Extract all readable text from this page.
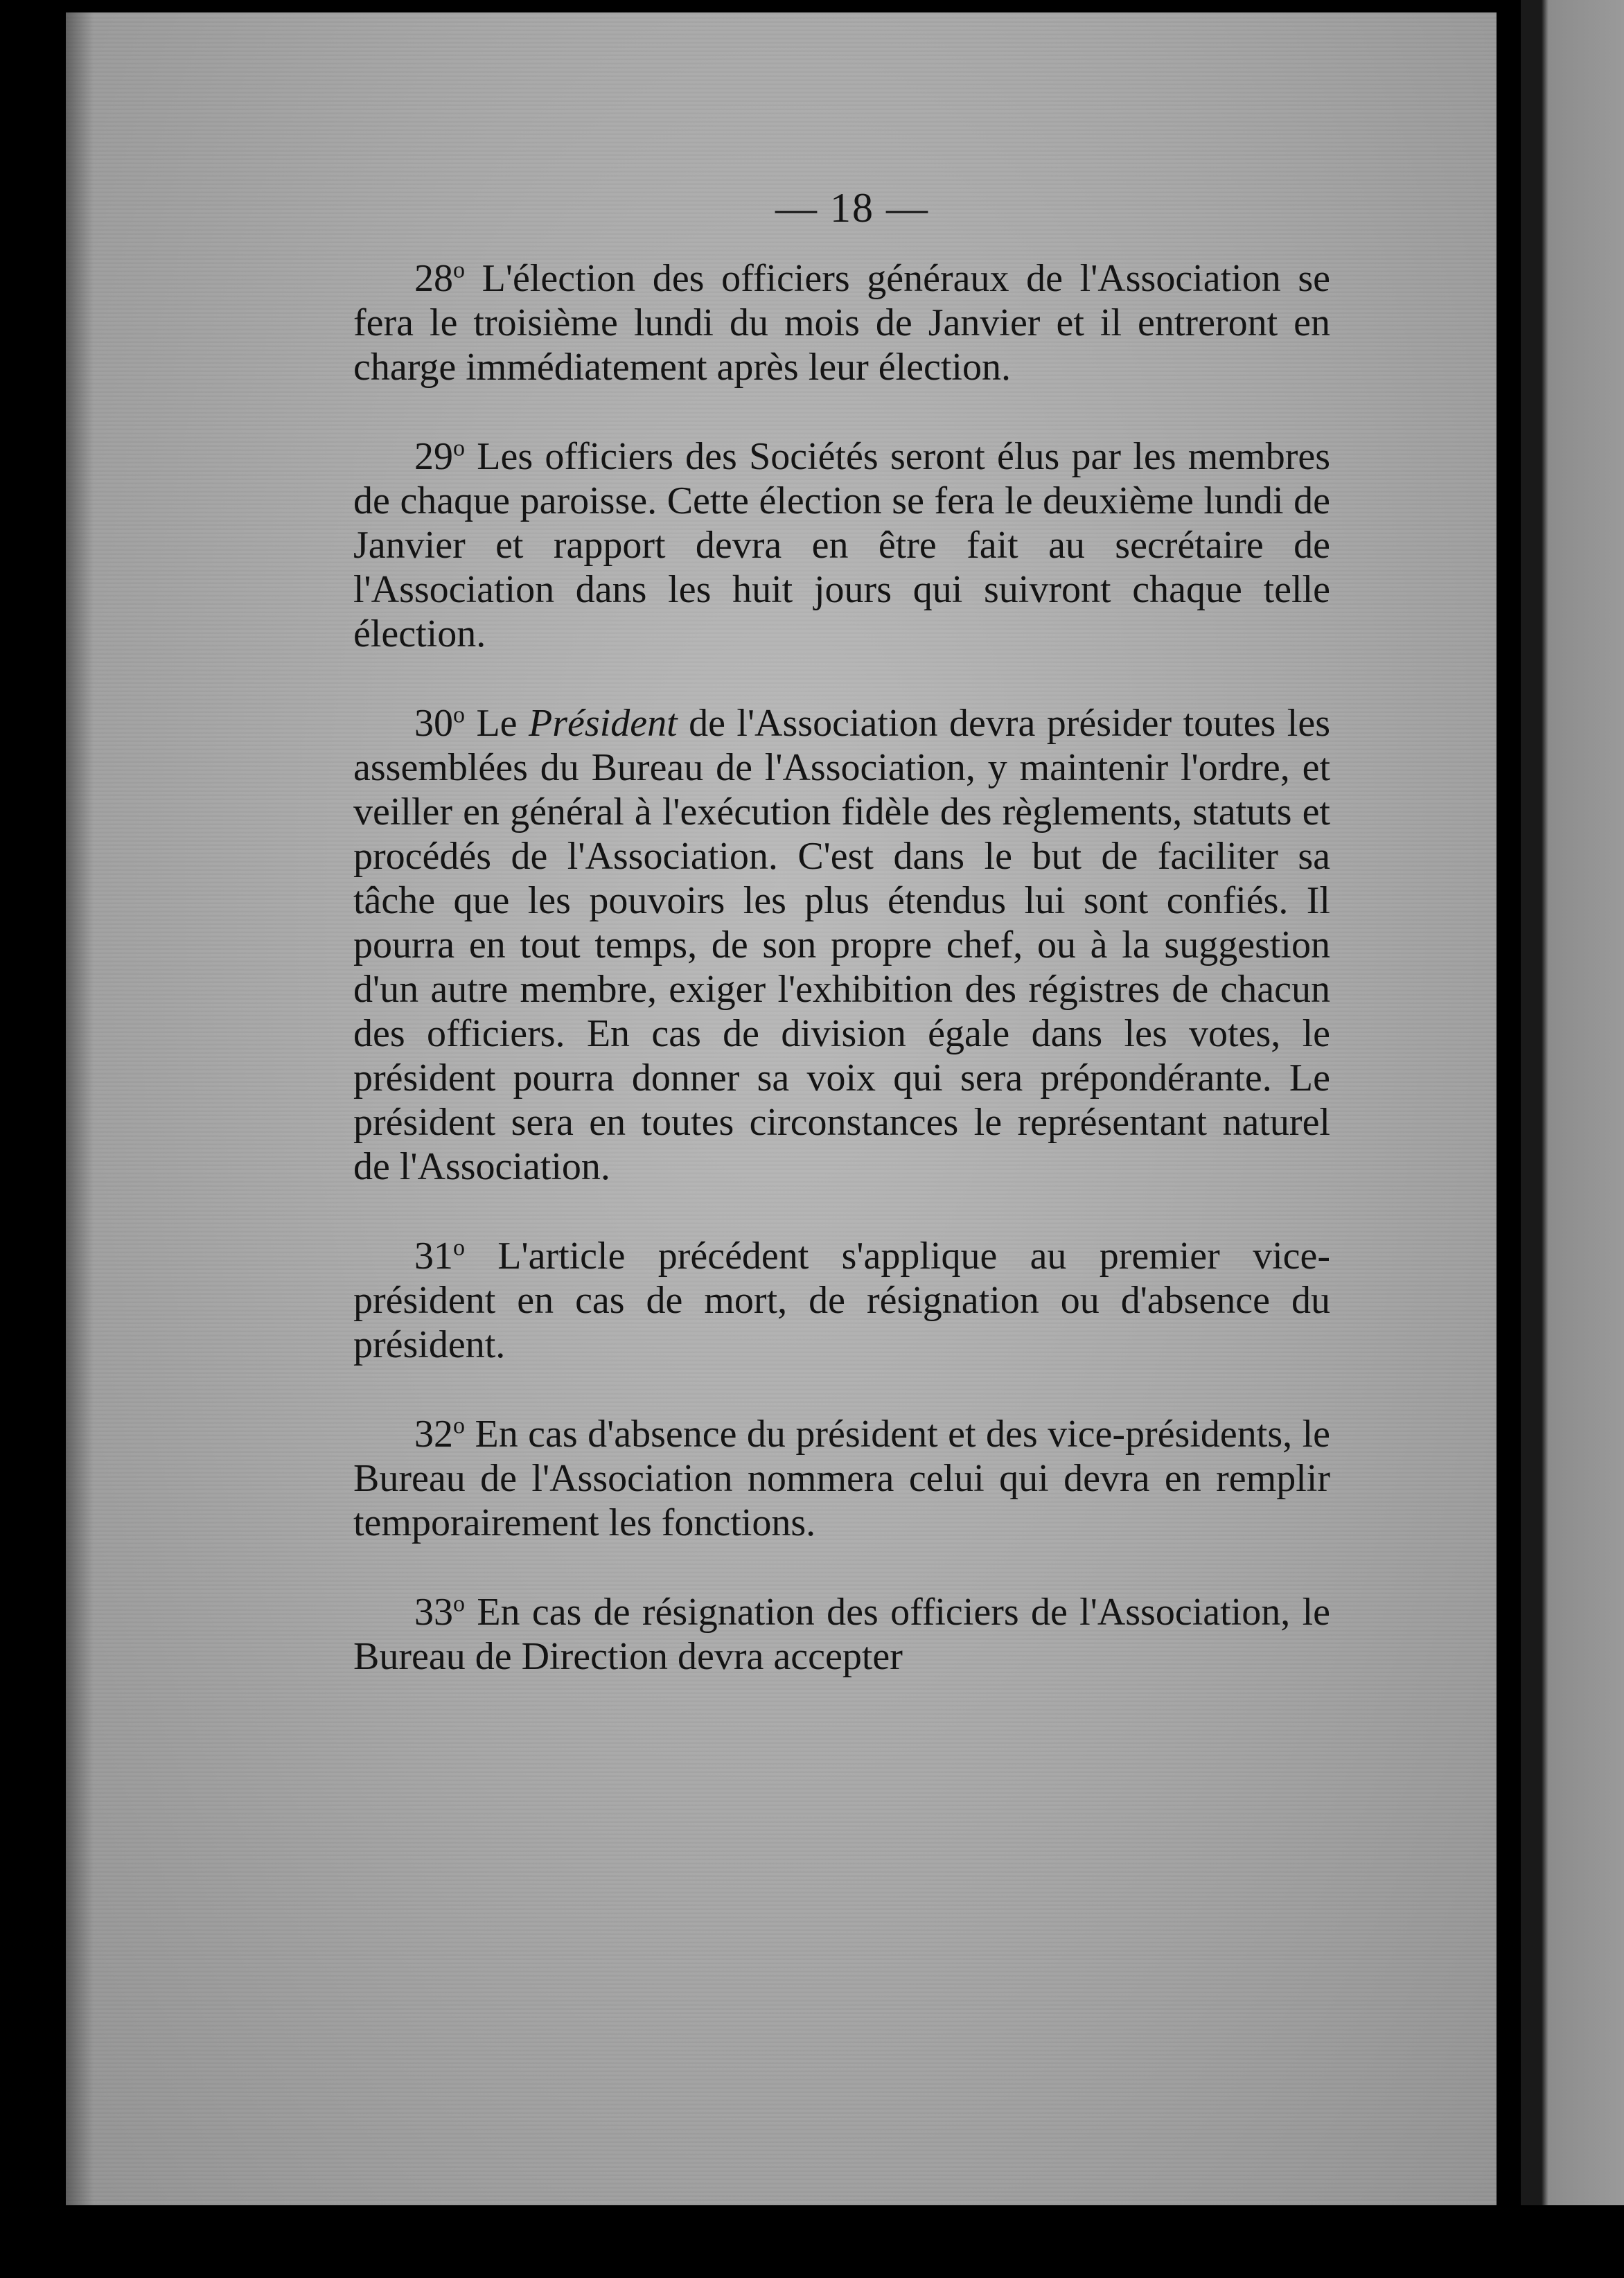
— 18 —

28$^o$ L'élection des officiers généraux de l'Association se fera le troisième lundi du mois de Janvier et il entreront en charge immédiatement après leur élection.

29$^o$ Les officiers des Sociétés seront élus par les membres de chaque paroisse. Cette élection se fera le deuxième lundi de Janvier et rapport devra en être fait au secrétaire de l'Association dans les huit jours qui suivront chaque telle élection.

30$^o$ Le Président de l'Association devra présider toutes les assemblées du Bureau de l'Association, y maintenir l'ordre, et veiller en général à l'exécution fidèle des règlements, statuts et procédés de l'Association. C'est dans le but de faciliter sa tâche que les pouvoirs les plus étendus lui sont confiés. Il pourra en tout temps, de son propre chef, ou à la suggestion d'un autre membre, exiger l'exhibition des régistres de chacun des officiers. En cas de division égale dans les votes, le président pourra donner sa voix qui sera prépondérante. Le président sera en toutes circonstances le représentant naturel de l'Association.

31$^o$ L'article précédent s'applique au premier vice-président en cas de mort, de résignation ou d'absence du président.

32$^o$ En cas d'absence du président et des vice-présidents, le Bureau de l'Association nommera celui qui devra en remplir temporairement les fonctions.

33$^o$ En cas de résignation des officiers de l'Association, le Bureau de Direction devra accepter
